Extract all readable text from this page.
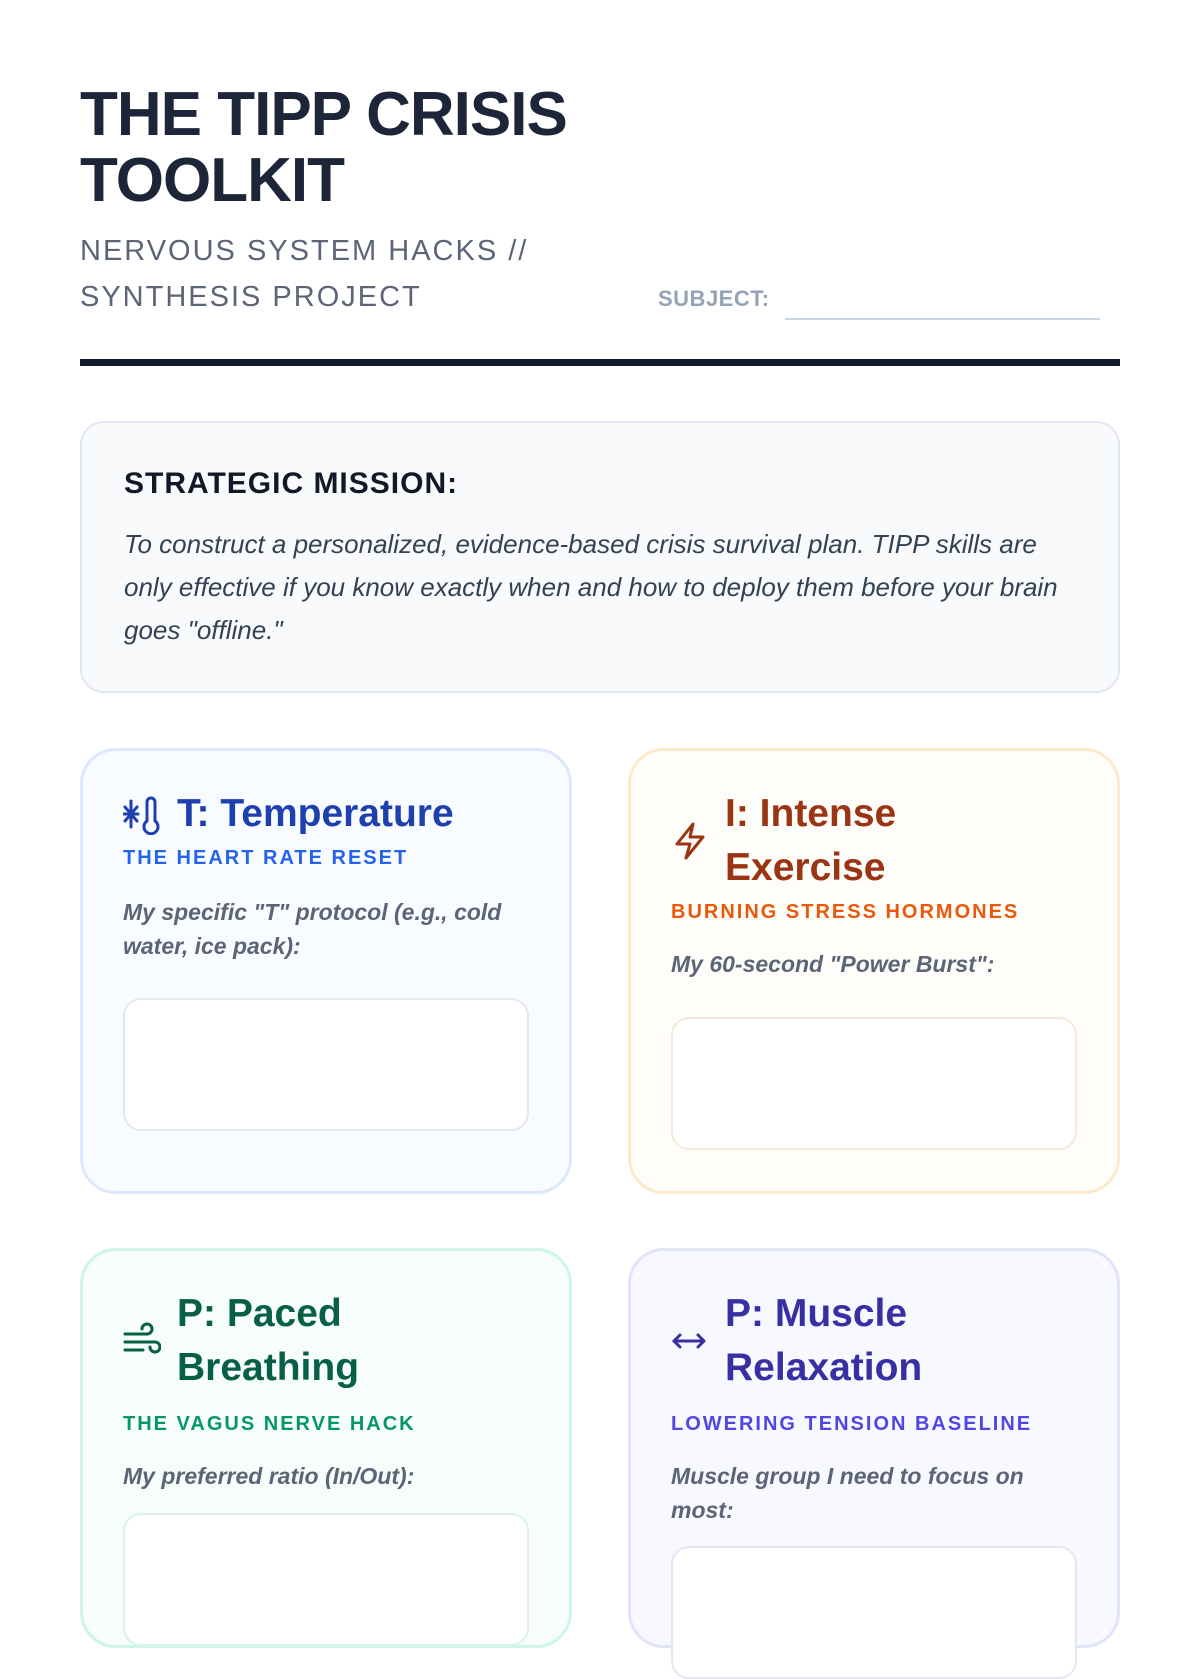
THE TIPP CRISIS TOOLKIT
NERVOUS SYSTEM HACKS // SYNTHESIS PROJECT	SUBJECT:
STRATEGIC MISSION:

To construct a personalized, evidence-based crisis survival plan. TIPP skills are only effective if you know exactly when and how to deploy them before your brain goes "offline."

T: Temperature
THE HEART RATE RESET
My specific "T" protocol (e.g., cold water, ice pack):
I: Intense Exercise
BURNING STRESS HORMONES
My 60-second "Power Burst":
P: Paced Breathing
THE VAGUS NERVE HACK
My preferred ratio (In/Out):
P: Muscle Relaxation
LOWERING TENSION BASELINE
Muscle group I need to focus on most:
